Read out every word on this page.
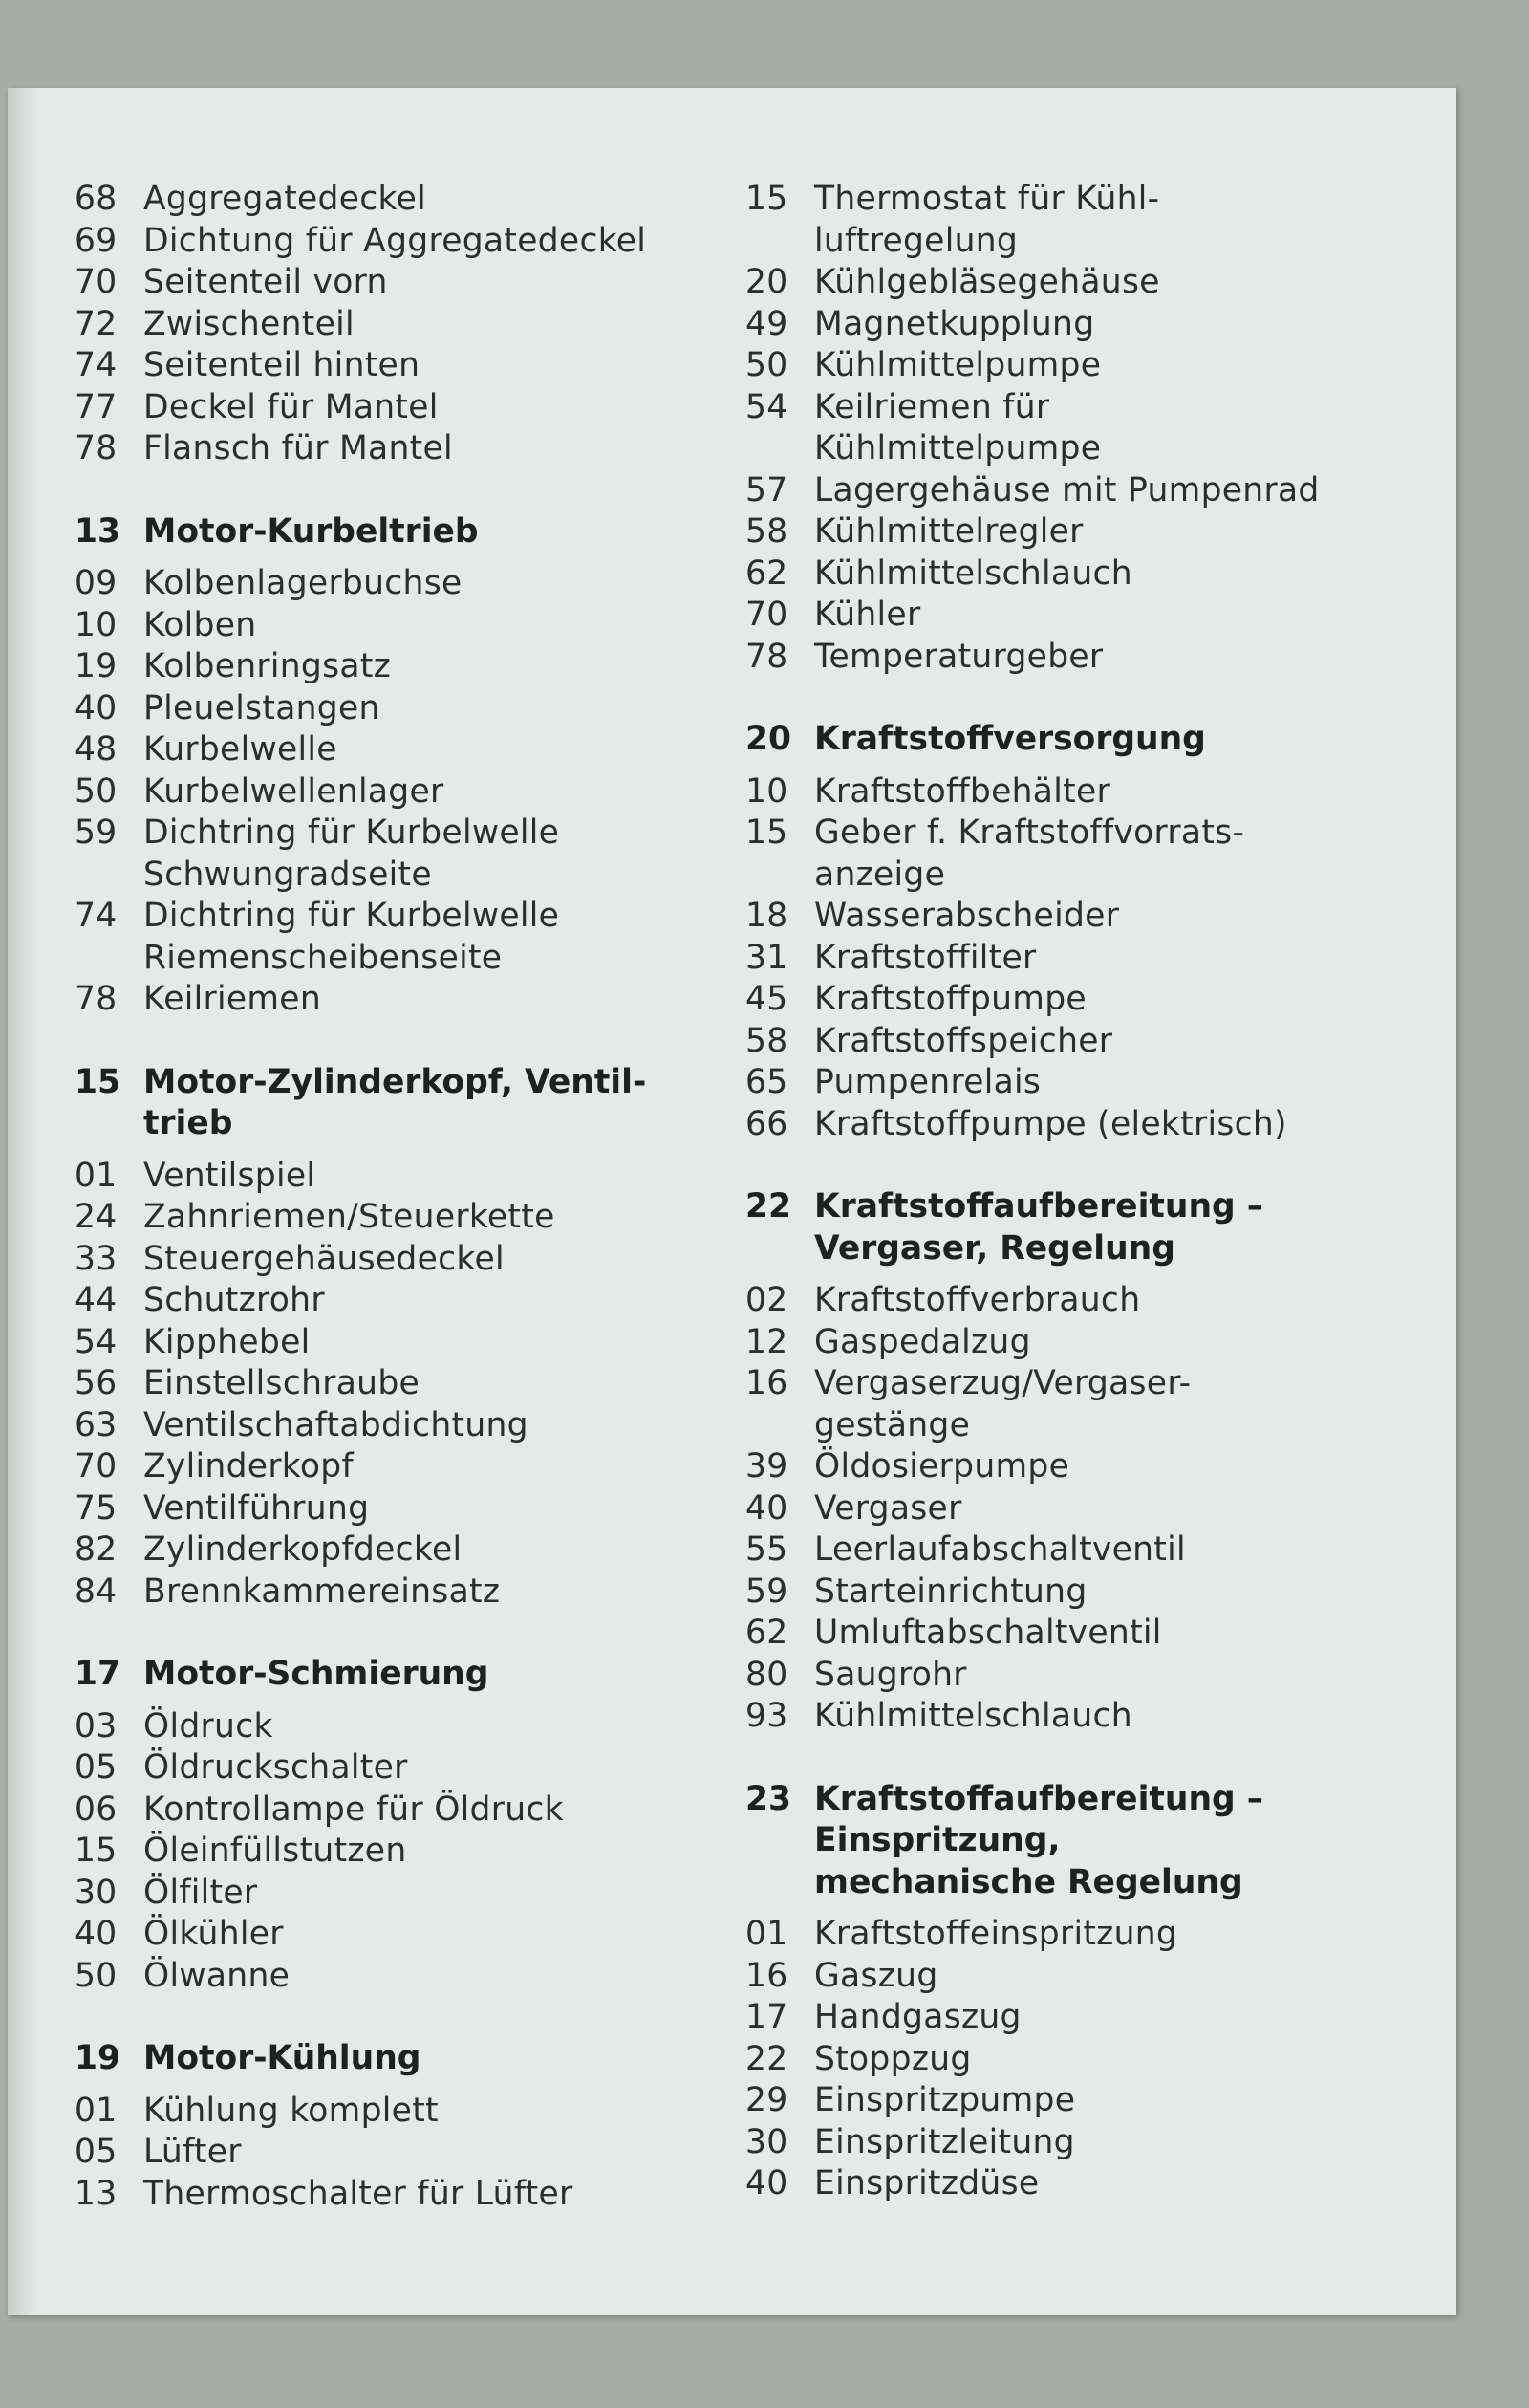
68 Aggregatedeckel
69 Dichtung für Aggregatedeckel
70 Seitenteil vorn
72 Zwischenteil
74 Seitenteil hinten
77 Deckel für Mantel
78 Flansch für Mantel
13 Motor-Kurbeltrieb
09 Kolbenlagerbuchse
10 Kolben
19 Kolbenringsatz
40 Pleuelstangen
48 Kurbelwelle
50 Kurbelwellenlager
59 Dichtring für Kurbelwelle
Schwungradseite
74 Dichtring für Kurbelwelle
Riemenscheibenseite
78 Keilriemen
15 Motor-Zylinderkopf, Ventil-
trieb
01 Ventilspiel
24 Zahnriemen/Steuerkette
33 Steuergehäusedeckel
44 Schutzrohr
54 Kipphebel
56 Einstellschraube
63 Ventilschaftabdichtung
70 Zylinderkopf
75 Ventilführung
82 Zylinderkopfdeckel
84 Brennkammereinsatz
17 Motor-Schmierung
03 Öldruck
05 Öldruckschalter
06 Kontrollampe für Öldruck
15 Öleinfüllstutzen
30 Ölfilter
40 Ölkühler
50 Ölwanne
19 Motor-Kühlung
01 Kühlung komplett
05 Lüfter
13 Thermoschalter für Lüfter
15 Thermostat für Kühl-
luftregelung
20 Kühlgebläsegehäuse
49 Magnetkupplung
50 Kühlmittelpumpe
54 Keilriemen für
Kühlmittelpumpe
57 Lagergehäuse mit Pumpenrad
58 Kühlmittelregler
62 Kühlmittelschlauch
70 Kühler
78 Temperaturgeber
20 Kraftstoffversorgung
10 Kraftstoffbehälter
15 Geber f. Kraftstoffvorrats-
anzeige
18 Wasserabscheider
31 Kraftstoffilter
45 Kraftstoffpumpe
58 Kraftstoffspeicher
65 Pumpenrelais
66 Kraftstoffpumpe (elektrisch)
22 Kraftstoffaufbereitung –
Vergaser, Regelung
02 Kraftstoffverbrauch
12 Gaspedalzug
16 Vergaserzug/Vergaser-
gestänge
39 Öldosierpumpe
40 Vergaser
55 Leerlaufabschaltventil
59 Starteinrichtung
62 Umluftabschaltventil
80 Saugrohr
93 Kühlmittelschlauch
23 Kraftstoffaufbereitung –
Einspritzung,
mechanische Regelung
01 Kraftstoffeinspritzung
16 Gaszug
17 Handgaszug
22 Stoppzug
29 Einspritzpumpe
30 Einspritzleitung
40 Einspritzdüse
